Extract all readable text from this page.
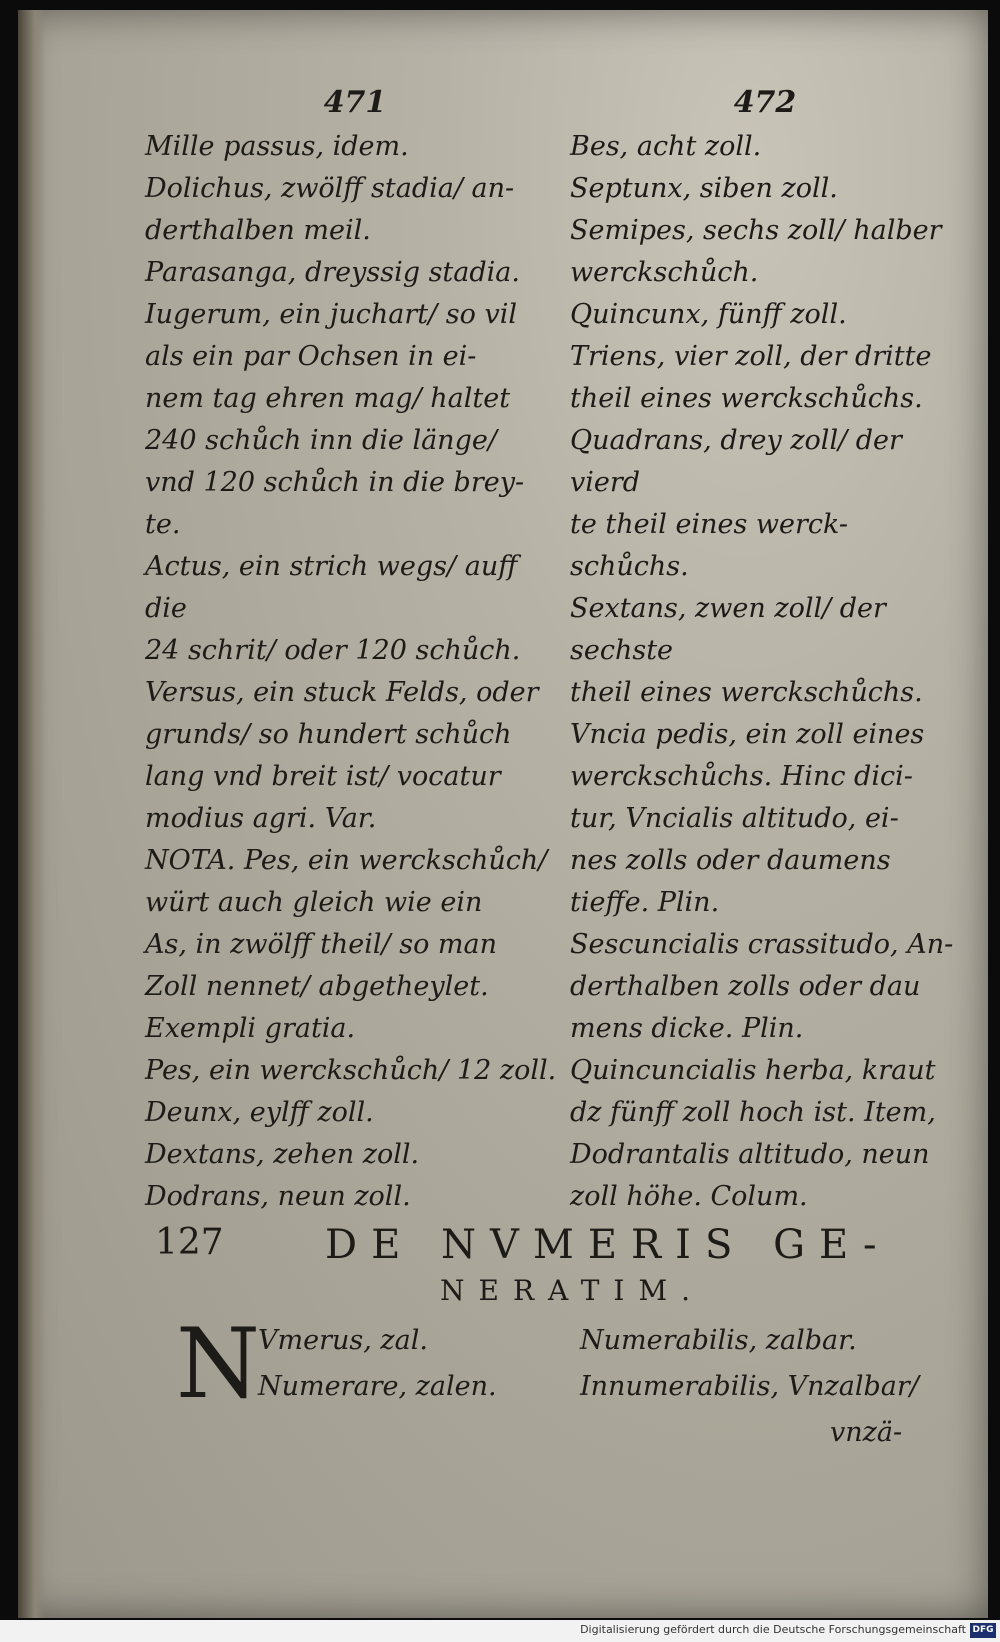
471
Mille passus, idem.
Dolichus, zwölff stadia/ an-
derthalben meil.
Parasanga, dreyssig stadia.
Iugerum, ein juchart/ so vil
als ein par Ochsen in ei-
nem tag ehren mag/ haltet
240 schůch inn die länge/
vnd 120 schůch in die brey-
te.
Actus, ein strich wegs/ auff die
24 schrit/ oder 120 schůch.
Versus, ein stuck Felds, oder
grunds/ so hundert schůch
lang vnd breit ist/ vocatur
modius agri. Var.
NOTA. Pes, ein werckschůch/
würt auch gleich wie ein
As, in zwölff theil/ so man
Zoll nennet/ abgetheylet.
Exempli gratia.
Pes, ein werckschůch/ 12 zoll.
Deunx, eylff zoll.
Dextans, zehen zoll.
Dodrans, neun zoll.
472
Bes, acht zoll.
Septunx, siben zoll.
Semipes, sechs zoll/ halber
werckschůch.
Quincunx, fünff zoll.
Triens, vier zoll, der dritte
theil eines werckschůchs.
Quadrans, drey zoll/ der vierd
te theil eines werck-
schůchs.
Sextans, zwen zoll/ der sechste
theil eines werckschůchs.
Vncia pedis, ein zoll eines
werckschůchs. Hinc dici-
tur, Vncialis altitudo, ei-
nes zolls oder daumens
tieffe. Plin.
Sescuncialis crassitudo, An-
derthalben zolls oder dau
mens dicke. Plin.
Quincuncialis herba, kraut
dz fünff zoll hoch ist. Item,
Dodrantalis altitudo, neun
zoll höhe. Colum.
127	DE NVMERIS GE-
NERATIM.
N
Vmerus, zal.
Numerare, zalen.
Numerabilis, zalbar.
Innumerabilis, Vnzalbar/
vnzä-
Digitalisierung gefördert durch die Deutsche Forschungsgemeinschaft DFG
